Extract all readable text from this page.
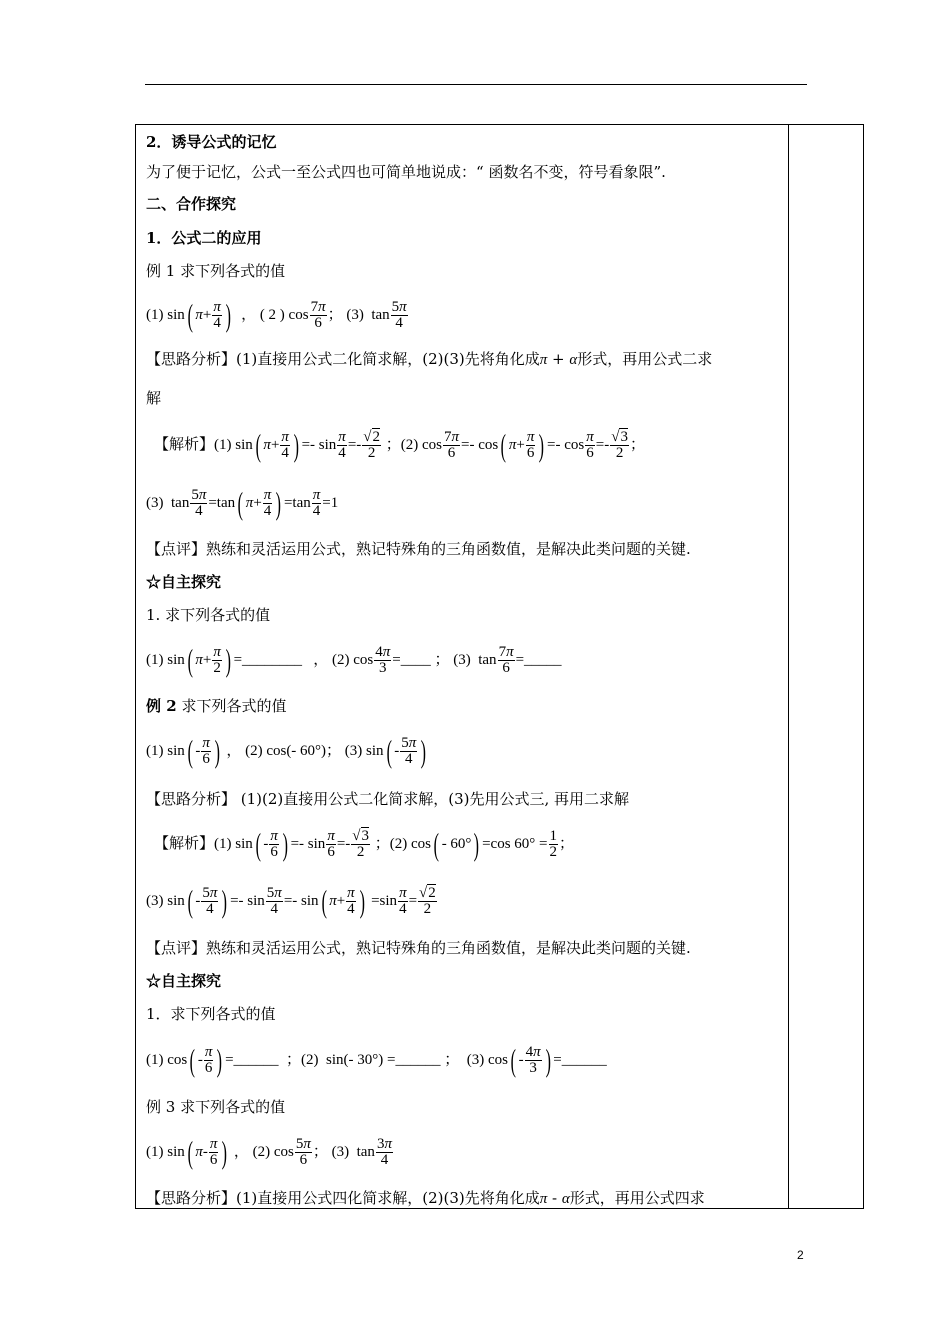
2．诱导公式的记忆
为了便于记忆，公式一至公式四也可简单地说成：“ 函数名不变，符号看象限”.
二、合作探究
1．公式二的应用
例 1 求下列各式的值
(1) sin ( $\pi + \frac{\pi}{4}$ ) ， ( 2 ) $\cos \frac{7\pi}{6}$ ； (3)  $\tan \frac{5\pi}{4}$
【思路分析】(1)直接用公式二化简求解，(2)(3)先将角化成π + α形式，再用公式二求
解
【解析】(1) sin ( $\pi + \frac{\pi}{4}$ ) =- $\sin \frac{\pi}{4} =- \frac{√2}{2}$ ；(2) $\cos \frac{7\pi}{6} =- \cos$ ( $\pi + \frac{\pi}{6}$ ) =- $\cos \frac{\pi}{6} =- \frac{√3}{2}$ ；
(3)  $\tan \frac{5\pi}{4} =\tan$ ( $\pi + \frac{\pi}{4}$ ) $=\tan \frac{\pi}{4} =1$
【点评】熟练和灵活运用公式，熟记特殊角的三角函数值，是解决此类问题的关键.
☆自主探究
1. 求下列各式的值
(1) sin ( $\pi + \frac{\pi}{2}$ ) =________   ， (2) $\cos \frac{4\pi}{3}$ =____ ； (3)  $\tan \frac{7\pi}{6}$ =_____
例 2 求下列各式的值
(1) sin ( - $\frac{\pi}{6}$ ) ， (2) cos(- 60°)； (3) sin ( - $\frac{5\pi}{4}$ )
【思路分析】 (1)(2)直接用公式二化简求解，(3)先用公式三, 再用二求解
【解析】(1) sin ( - $\frac{\pi}{6}$ ) =- $\sin \frac{\pi}{6} =- \frac{√3}{2}$ ；(2) cos ( - 60° ) =cos $60^\circ = \frac{1}{2}$ ；
(3) sin ( - $\frac{5\pi}{4}$ ) =- $\sin \frac{5\pi}{4} =- \sin$ ( $\pi + \frac{\pi}{4}$ ) $=\sin \frac{\pi}{4} = \frac{√2}{2}$
【点评】熟练和灵活运用公式，熟记特殊角的三角函数值，是解决此类问题的关键.
☆自主探究
1．求下列各式的值
(1) cos ( - $\frac{\pi}{6}$ ) =______  ；(2)  sin(- 30°) =______ ；  (3) cos ( - $\frac{4\pi}{3}$ ) =______
例 3 求下列各式的值
(1) sin ( π - $\frac{\pi}{6}$ ) ， (2) $\cos \frac{5\pi}{6}$ ； (3)  $\tan \frac{3\pi}{4}$
【思路分析】(1)直接用公式四化简求解，(2)(3)先将角化成π - α形式，再用公式四求
2
